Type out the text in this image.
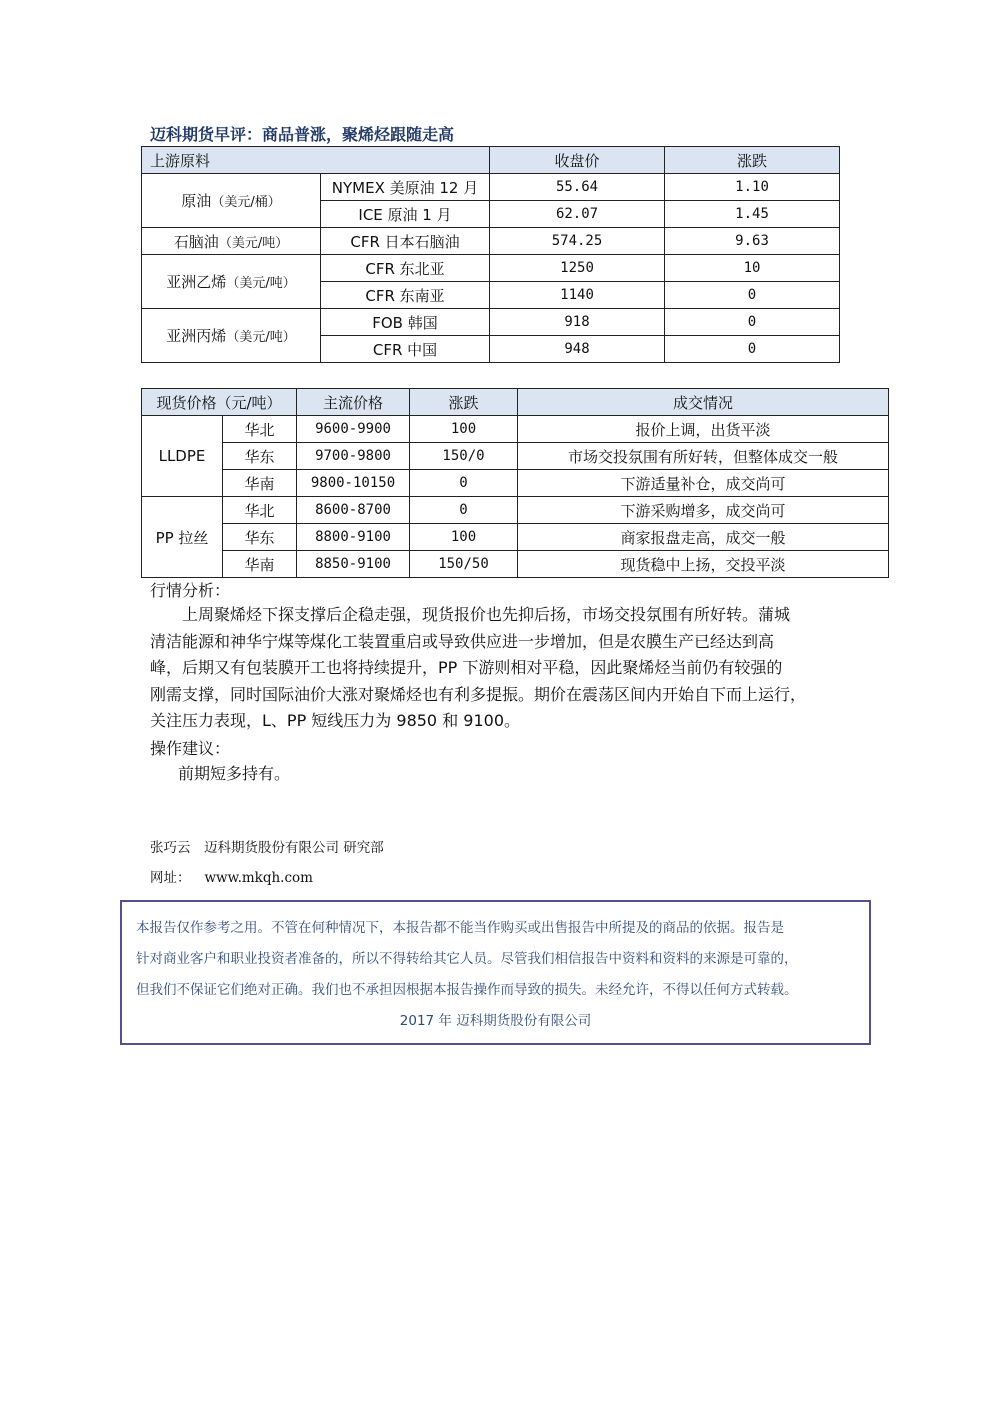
迈科期货早评：商品普涨，聚烯烃跟随走高
上游原料		收盘价	涨跌
原油（美元/桶）	NYMEX 美原油 12 月	55.64	1.10
	ICE 原油 1 月	62.07	1.45
石脑油（美元/吨）	CFR 日本石脑油	574.25	9.63
亚洲乙烯（美元/吨）	CFR 东北亚	1250	10
	CFR 东南亚	1140	0
亚洲丙烯（美元/吨）	FOB 韩国	918	0
	CFR 中国	948	0
现货价格（元/吨）		主流价格	涨跌	成交情况
LLDPE	华北	9600-9900	100	报价上调，出货平淡
	华东	9700-9800	150/0	市场交投氛围有所好转，但整体成交一般
	华南	9800-10150	0	下游适量补仓，成交尚可
PP 拉丝	华北	8600-8700	0	下游采购增多，成交尚可
	华东	8800-9100	100	商家报盘走高，成交一般
	华南	8850-9100	150/50	现货稳中上扬，交投平淡
行情分析：
上周聚烯烃下探支撑后企稳走强，现货报价也先抑后扬，市场交投氛围有所好转。蒲城
清洁能源和神华宁煤等煤化工装置重启或导致供应进一步增加，但是农膜生产已经达到高
峰，后期又有包装膜开工也将持续提升，PP 下游则相对平稳，因此聚烯烃当前仍有较强的
刚需支撑，同时国际油价大涨对聚烯烃也有利多提振。期价在震荡区间内开始自下而上运行，
关注压力表现，L、PP 短线压力为 9850 和 9100。
操作建议：
前期短多持有。
张巧云　迈科期货股份有限公司 研究部
网址： www.mkqh.com
本报告仅作参考之用。不管在何种情况下，本报告都不能当作购买或出售报告中所提及的商品的依据。报告是
针对商业客户和职业投资者准备的，所以不得转给其它人员。尽管我们相信报告中资料和资料的来源是可靠的，
但我们不保证它们绝对正确。我们也不承担因根据本报告操作而导致的损失。未经允许，不得以任何方式转载。
2017 年 迈科期货股份有限公司
